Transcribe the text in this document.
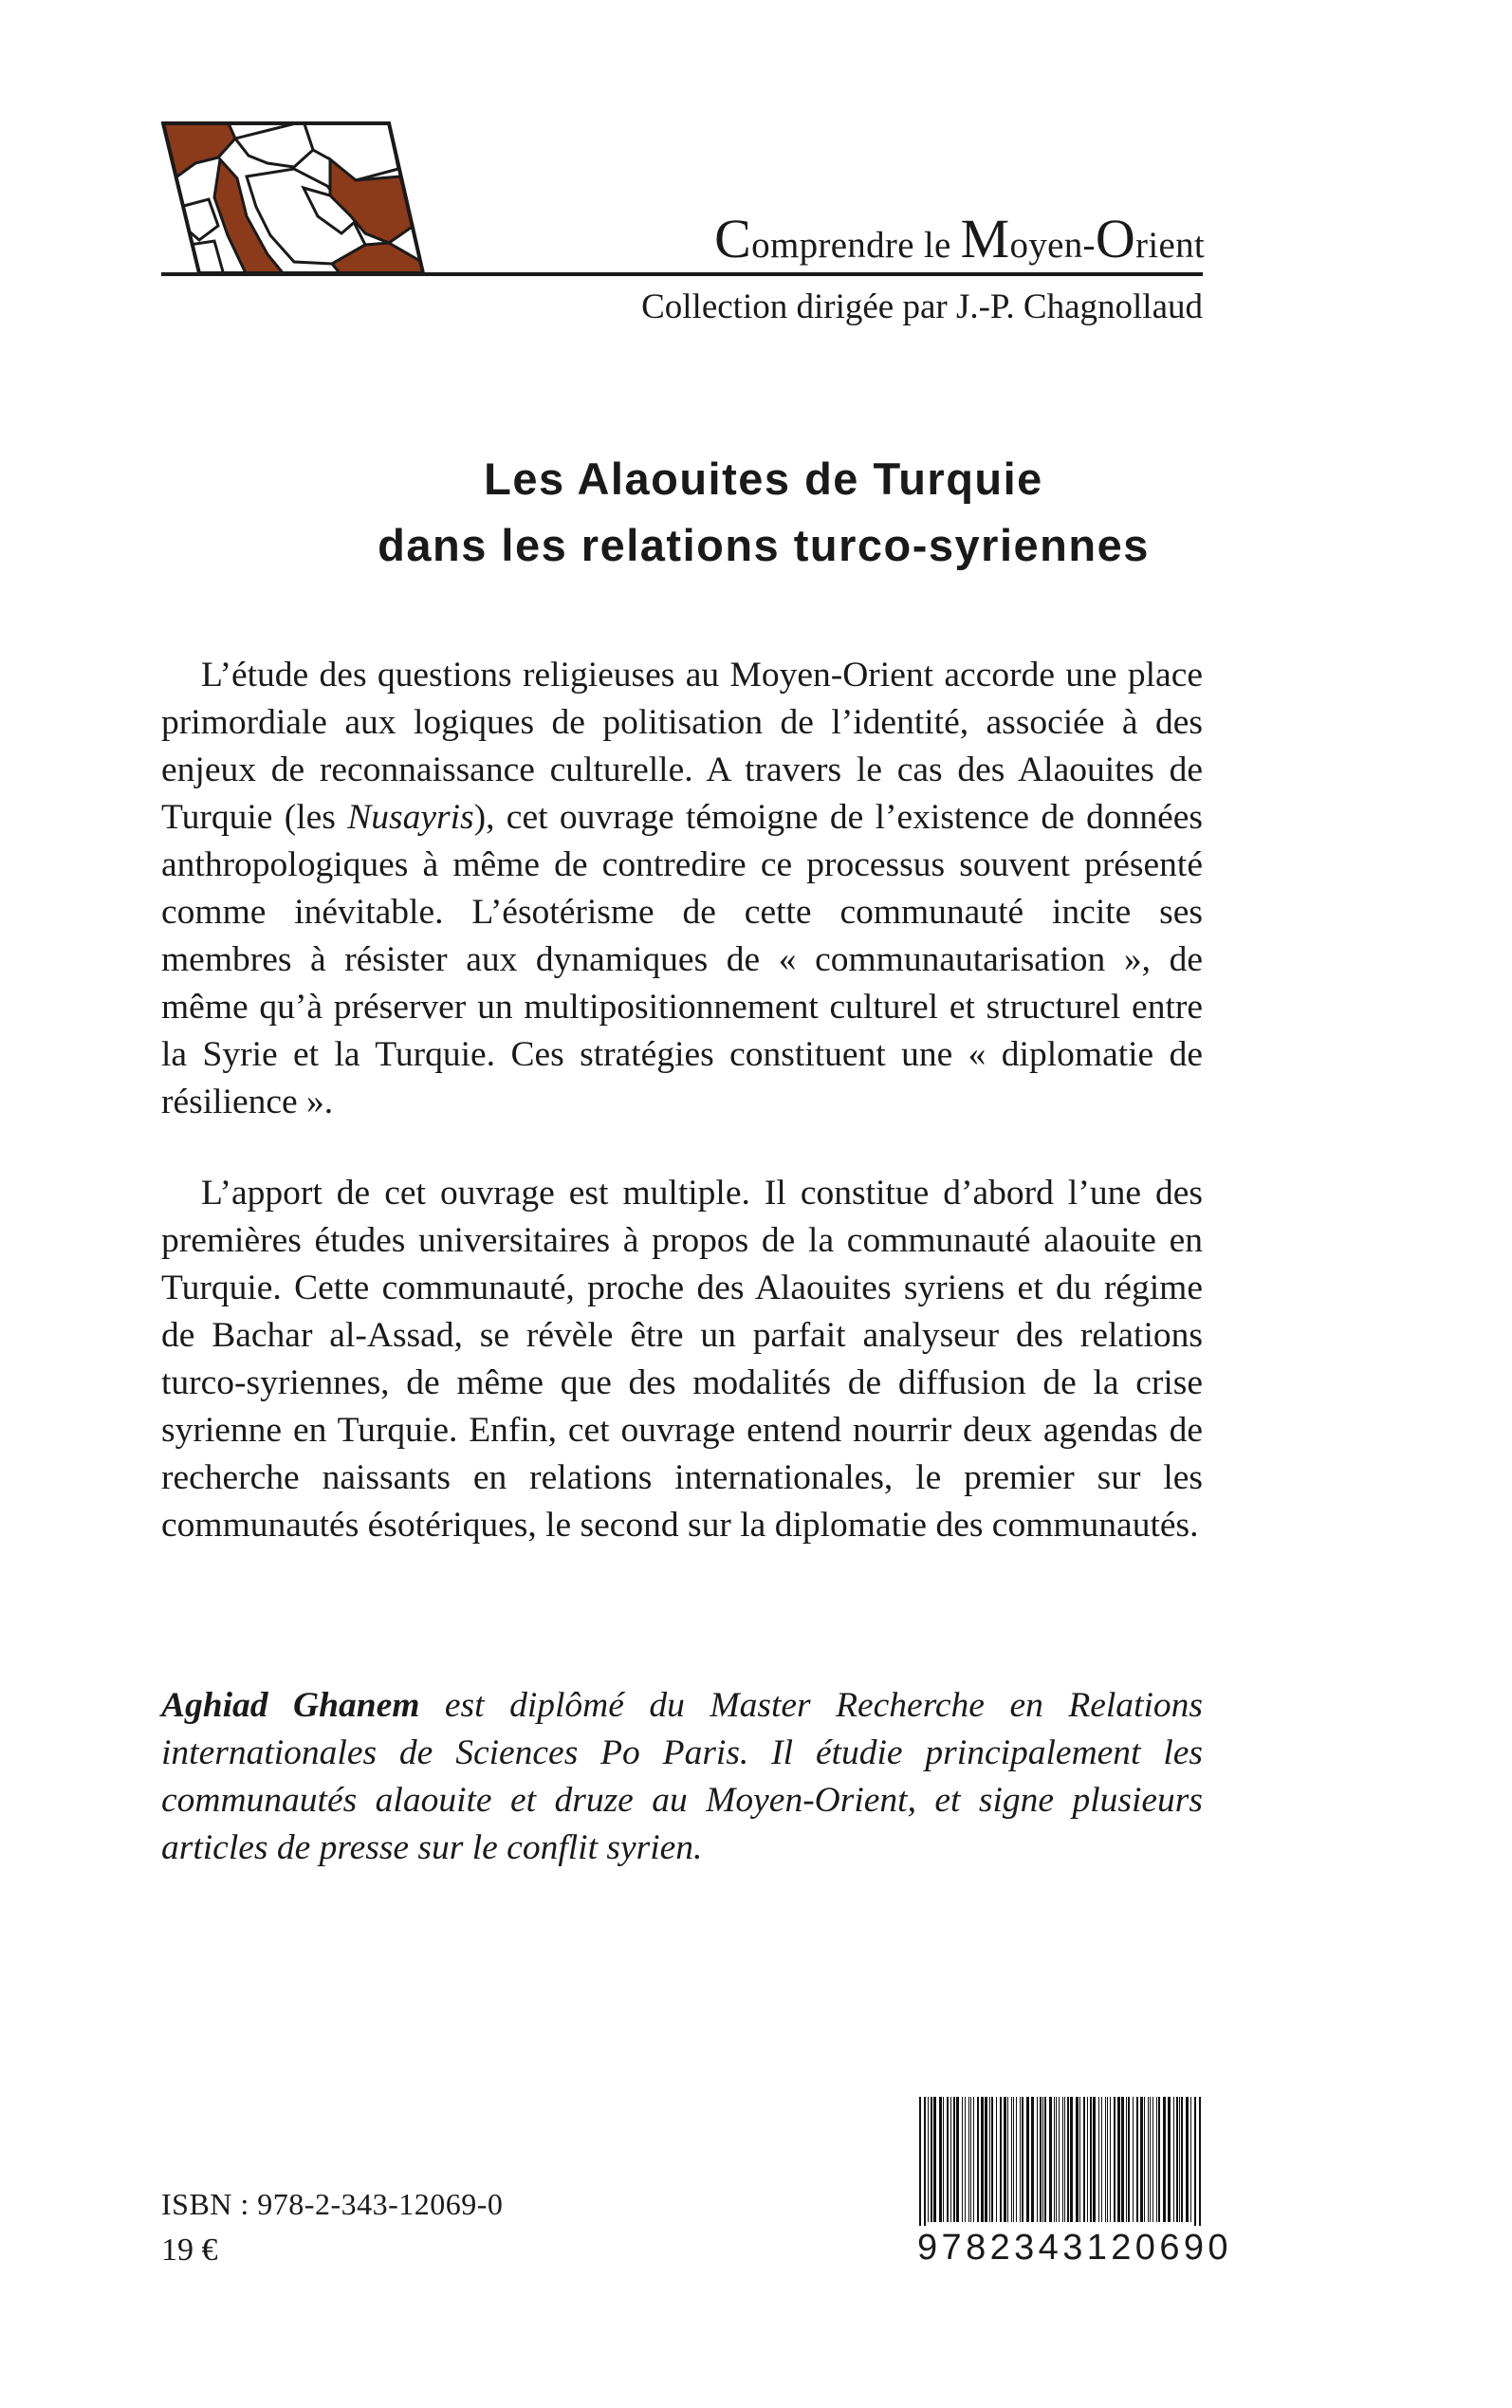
Comprendre le Moyen-Orient
Collection dirigée par J.-P. Chagnollaud
Les Alaouites de Turquie
dans les relations turco-syriennes

L’étude des questions religieuses au Moyen-Orient accorde une place primordiale aux logiques de politisation de l’identité, associée à des enjeux de reconnaissance culturelle. A travers le cas des Alaouites de Turquie (les Nusayris), cet ouvrage témoigne de l’existence de données anthropologiques à même de contredire ce processus souvent présenté comme inévitable. L’ésotérisme de cette communauté incite ses membres à résister aux dynamiques de « communautarisation », de même qu’à préserver un multipositionnement culturel et structurel entre la Syrie et la Turquie. Ces stratégies constituent une « diplomatie de résilience ».

L’apport de cet ouvrage est multiple. Il constitue d’abord l’une des premières études universitaires à propos de la communauté alaouite en Turquie. Cette communauté, proche des Alaouites syriens et du régime de Bachar al-Assad, se révèle être un parfait analyseur des relations turco-syriennes, de même que des modalités de diffusion de la crise syrienne en Turquie. Enfin, cet ouvrage entend nourrir deux agendas de recherche naissants en relations internationales, le premier sur les communautés ésotériques, le second sur la diplomatie des communautés.

Aghiad Ghanem est diplômé du Master Recherche en Relations internationales de Sciences Po Paris. Il étudie principalement les communautés alaouite et druze au Moyen-Orient, et signe plusieurs articles de presse sur le conflit syrien.

ISBN : 978-2-343-12069-0
19 €	9782343120690
